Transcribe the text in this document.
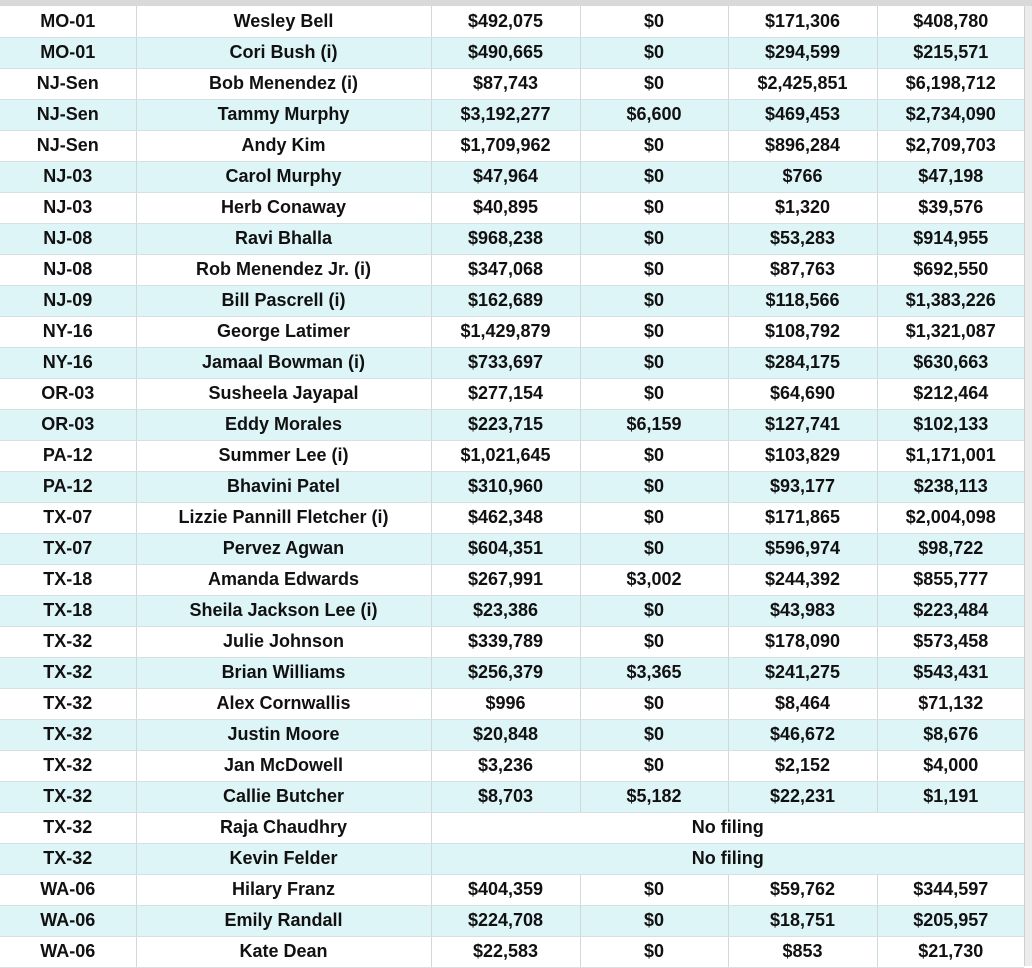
MO-01	Wesley Bell	$492,075	$0	$171,306	$408,780
MO-01	Cori Bush (i)	$490,665	$0	$294,599	$215,571
NJ-Sen	Bob Menendez (i)	$87,743	$0	$2,425,851	$6,198,712
NJ-Sen	Tammy Murphy	$3,192,277	$6,600	$469,453	$2,734,090
NJ-Sen	Andy Kim	$1,709,962	$0	$896,284	$2,709,703
NJ-03	Carol Murphy	$47,964	$0	$766	$47,198
NJ-03	Herb Conaway	$40,895	$0	$1,320	$39,576
NJ-08	Ravi Bhalla	$968,238	$0	$53,283	$914,955
NJ-08	Rob Menendez Jr. (i)	$347,068	$0	$87,763	$692,550
NJ-09	Bill Pascrell (i)	$162,689	$0	$118,566	$1,383,226
NY-16	George Latimer	$1,429,879	$0	$108,792	$1,321,087
NY-16	Jamaal Bowman (i)	$733,697	$0	$284,175	$630,663
OR-03	Susheela Jayapal	$277,154	$0	$64,690	$212,464
OR-03	Eddy Morales	$223,715	$6,159	$127,741	$102,133
PA-12	Summer Lee (i)	$1,021,645	$0	$103,829	$1,171,001
PA-12	Bhavini Patel	$310,960	$0	$93,177	$238,113
TX-07	Lizzie Pannill Fletcher (i)	$462,348	$0	$171,865	$2,004,098
TX-07	Pervez Agwan	$604,351	$0	$596,974	$98,722
TX-18	Amanda Edwards	$267,991	$3,002	$244,392	$855,777
TX-18	Sheila Jackson Lee (i)	$23,386	$0	$43,983	$223,484
TX-32	Julie Johnson	$339,789	$0	$178,090	$573,458
TX-32	Brian Williams	$256,379	$3,365	$241,275	$543,431
TX-32	Alex Cornwallis	$996	$0	$8,464	$71,132
TX-32	Justin Moore	$20,848	$0	$46,672	$8,676
TX-32	Jan McDowell	$3,236	$0	$2,152	$4,000
TX-32	Callie Butcher	$8,703	$5,182	$22,231	$1,191
TX-32	Raja Chaudhry	No filing			
TX-32	Kevin Felder	No filing			
WA-06	Hilary Franz	$404,359	$0	$59,762	$344,597
WA-06	Emily Randall	$224,708	$0	$18,751	$205,957
WA-06	Kate Dean	$22,583	$0	$853	$21,730
